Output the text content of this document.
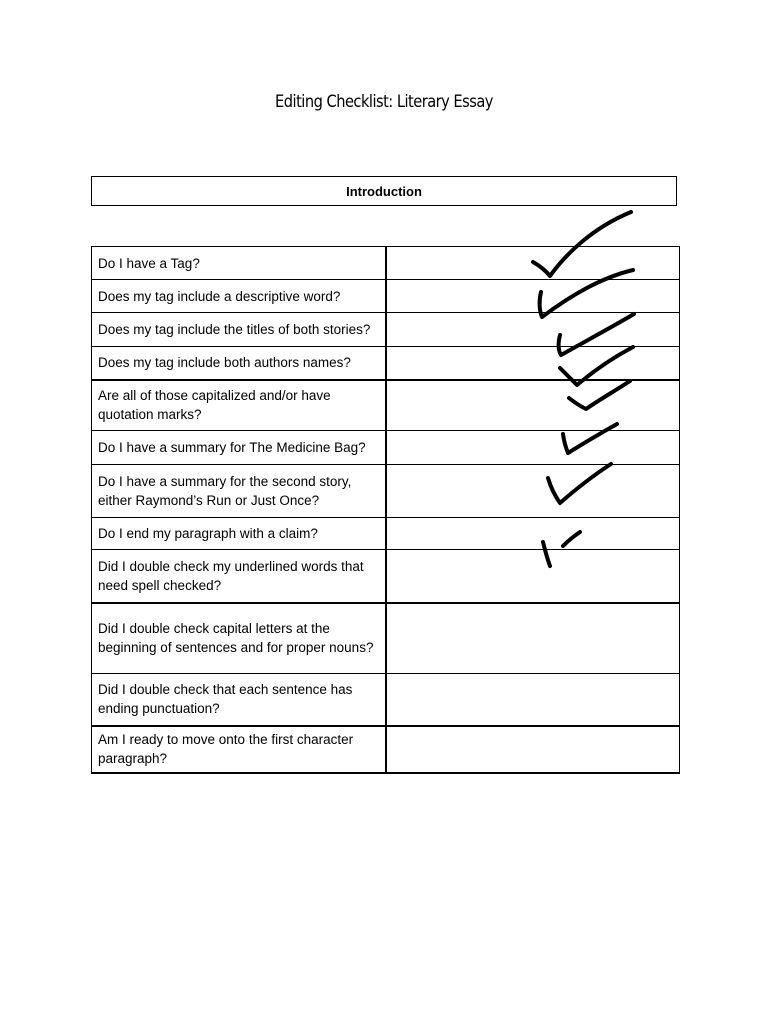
Editing Checklist: Literary Essay
Introduction
Do I have a Tag?	
Does my tag include a descriptive word?	
Does my tag include the titles of both stories?	
Does my tag include both authors names?	
Are all of those capitalized and/or have quotation marks?	
Do I have a summary for The Medicine Bag?	
Do I have a summary for the second story, either Raymond’s Run or Just Once?	
Do I end my paragraph with a claim?	
Did I double check my underlined words that need spell checked?	
Did I double check capital letters at the beginning of sentences and for proper nouns?	
Did I double check that each sentence has ending punctuation?	
Am I ready to move onto the first character paragraph?	
